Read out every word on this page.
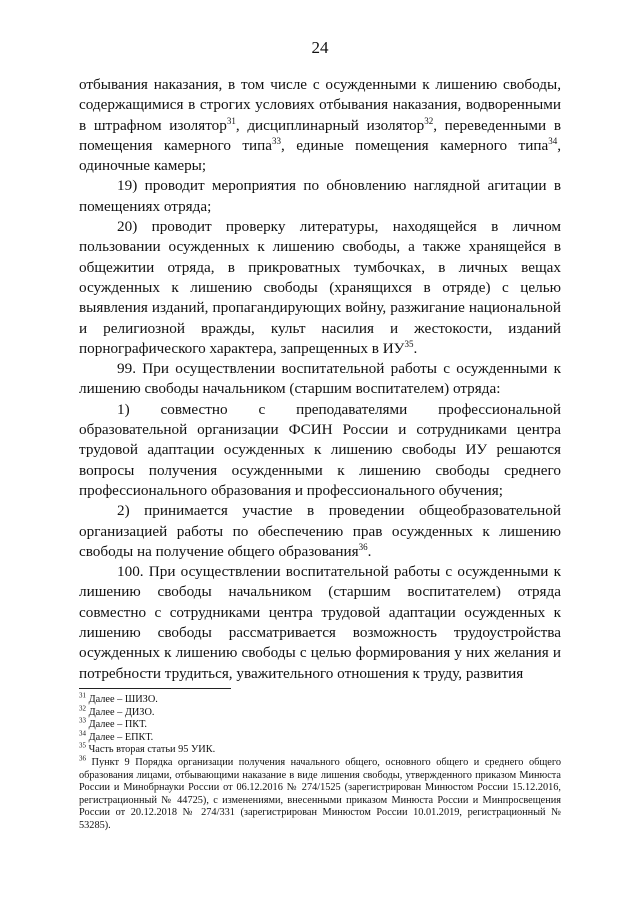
24

отбывания наказания, в том числе с осужденными к лишению свободы, содержащимися в строгих условиях отбывания наказания, водворенными в штрафном изолятор$^{31}$, дисциплинарный изолятор$^{32}$, переведенными в помещения камерного типа$^{33}$, единые помещения камерного типа$^{34}$, одиночные камеры;

19) проводит мероприятия по обновлению наглядной агитации в помещениях отряда;

20) проводит проверку литературы, находящейся в личном пользовании осужденных к лишению свободы, а также хранящейся в общежитии отряда, в прикроватных тумбочках, в личных вещах осужденных к лишению свободы (хранящихся в отряде) с целью выявления изданий, пропагандирующих войну, разжигание национальной и религиозной вражды, культ насилия и жестокости, изданий порнографического характера, запрещенных в ИУ$^{35}$.

99. При осуществлении воспитательной работы с осужденными к лишению свободы начальником (старшим воспитателем) отряда:

1) совместно с преподавателями профессиональной образовательной организации ФСИН России и сотрудниками центра трудовой адаптации осужденных к лишению свободы ИУ решаются вопросы получения осужденными к лишению свободы среднего профессионального образования и профессионального обучения;

2) принимается участие в проведении общеобразовательной организацией работы по обеспечению прав осужденных к лишению свободы на получение общего образования$^{36}$.

100. При осуществлении воспитательной работы с осужденными к лишению свободы начальником (старшим воспитателем) отряда совместно с сотрудниками центра трудовой адаптации осужденных к лишению свободы рассматривается возможность трудоустройства осужденных к лишению свободы с целью формирования у них желания и потребности трудиться, уважительного отношения к труду, развития

$^{31}$ Далее – ШИЗО.

$^{32}$ Далее – ДИЗО.

$^{33}$ Далее – ПКТ.

$^{34}$ Далее – ЕПКТ.

$^{35}$ Часть вторая статьи 95 УИК.

$^{36}$ Пункт 9 Порядка организации получения начального общего, основного общего и среднего общего образования лицами, отбывающими наказание в виде лишения свободы, утвержденного приказом Минюста России и Минобрнауки России от 06.12.2016 № 274/1525 (зарегистрирован Минюстом России 15.12.2016, регистрационный № 44725), с изменениями, внесенными приказом Минюста России и Минпросвещения России от 20.12.2018 № 274/331 (зарегистрирован Минюстом России 10.01.2019, регистрационный № 53285).
